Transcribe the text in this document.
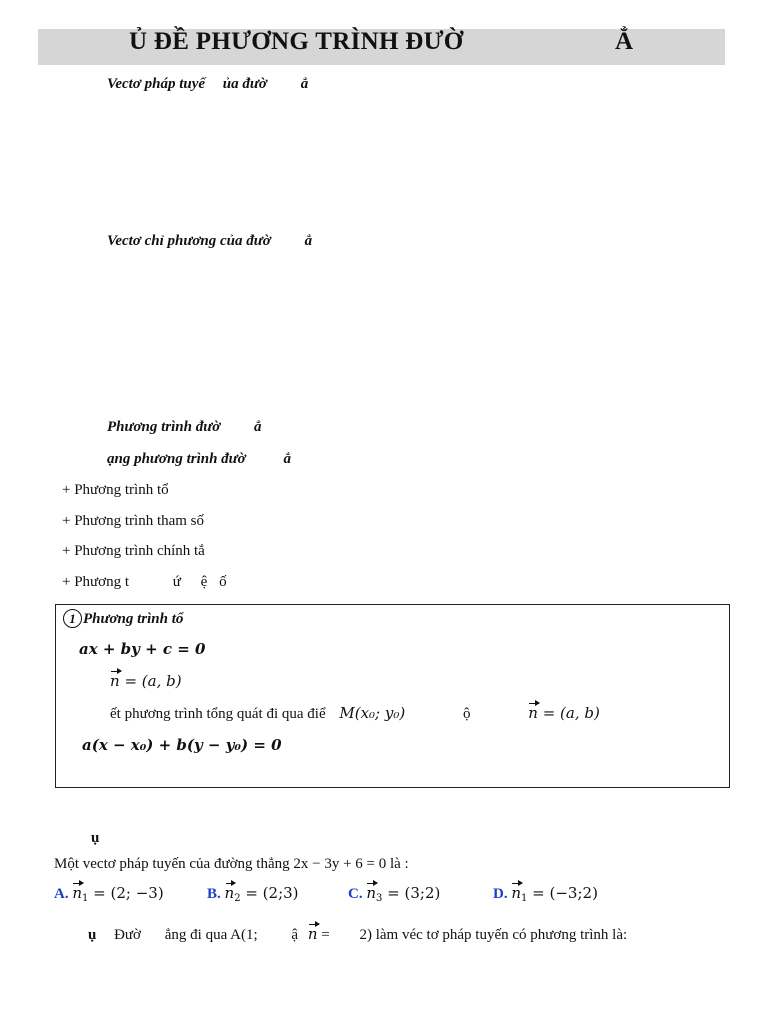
Ủ ĐỀ PHƯƠNG TRÌNH ĐƯỜ	Ẳ
Vectơ pháp tuyế ủa đườ ẳ
Vectơ chỉ phương của đườ ẳ
Phương trình đườ ẳ
ạng phương trình đườ	ẳ
+ Phương trình tổ
+ Phương trình tham số
+ Phương trình chính tắ
+ Phương t	ứ ệ ố
1 Phương trình tổ
ax + by + c = 0
n = (a, b)
ết phương trình tổng quát đi qua điể M(x₀; y₀)	ộ	n = (a, b)
a(x − x₀) + b(y − y₀) = 0
ụ
Một vectơ pháp tuyến của đường thẳng 2x − 3y + 6 = 0 là :
A. $n_1 = (2$; −3)	B. $n_2$ = (2;3)	C. $n_3$ = (3;2)	D. $n_1$ = (−3;2)
ụ Đườ ẳng đi qua A(1; ậ n = 2) làm véc tơ pháp tuyến có phương trình là:
